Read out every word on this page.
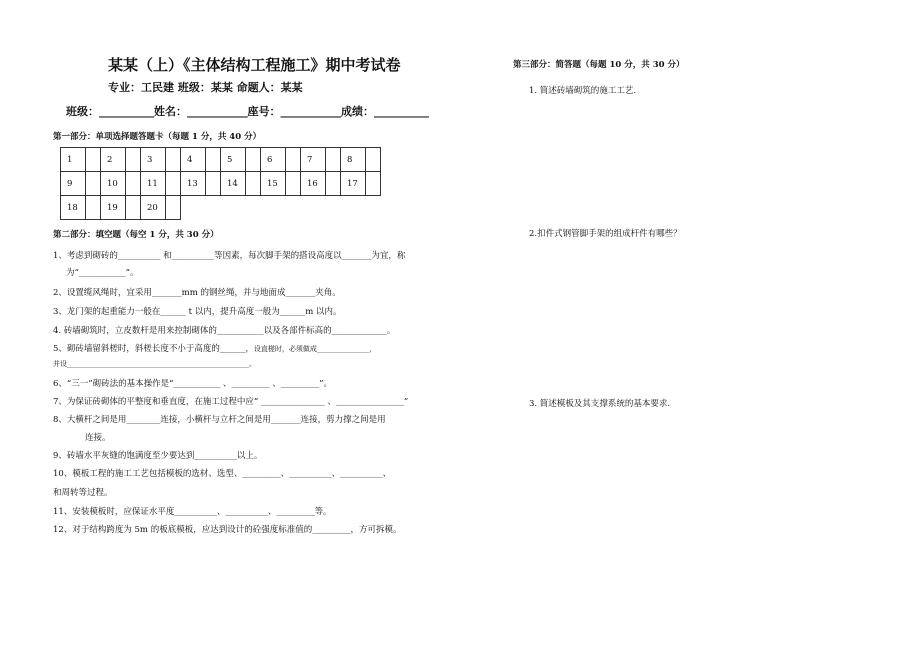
某某（上）《主体结构工程施工》期中考试卷
专业：工民建 班级：某某 命题人：某某
班级：__________姓名：___________座号：___________成绩：__________
第一部分：单项选择题答题卡（每题 1 分，共 40 分）
1		2		3		4		5		6		7		8	
9		10		11		13		14		15		16		17	
18		19		20											
第二部分：填空题（每空 1 分，共 30 分）
1、考虑到砌砖的__________ 和__________等因素，每次脚手架的搭设高度以_______为宜，称
为“___________”。
2、设置缆风绳时，宜采用_______mm 的钢丝绳，并与地面成_______夹角。
3、龙门架的起重能力一般在______ t 以内，提升高度一般为______m 以内。
4. 砖墙砌筑时，立皮数杆是用来控制砌体的___________以及各部件标高的_____________。
5、砌砖墙留斜槎时，斜槎长度不小于高度的______，设直槎时，必须做成_______________，
并设____________________________________________________。
6、“三一”砌砖法的基本操作是“___________ 、_________ 、_________”。
7、为保证砖砌体的平整度和垂直度，在施工过程中应“ _______________ 、________________”
8、大横杆之间是用________连接，小横杆与立杆之间是用_______连接，剪力撑之间是用
连接。
9、砖墙水平灰缝的饱满度至少要达到__________以上。
10、模板工程的施工工艺包括模板的选材、选型、_________、__________、__________、
和周转等过程。
11、安装模板时，应保证水平度__________、__________、_________等。
12、对于结构跨度为 5m 的板底模板，应达到设计的砼强度标准值的_________，方可拆模。
第三部分：简答题（每题 10 分，共 30 分）
1. 简述砖墙砌筑的施工工艺.
2.扣件式钢管脚手架的组成杆件有哪些？
3. 简述模板及其支撑系统的基本要求.
